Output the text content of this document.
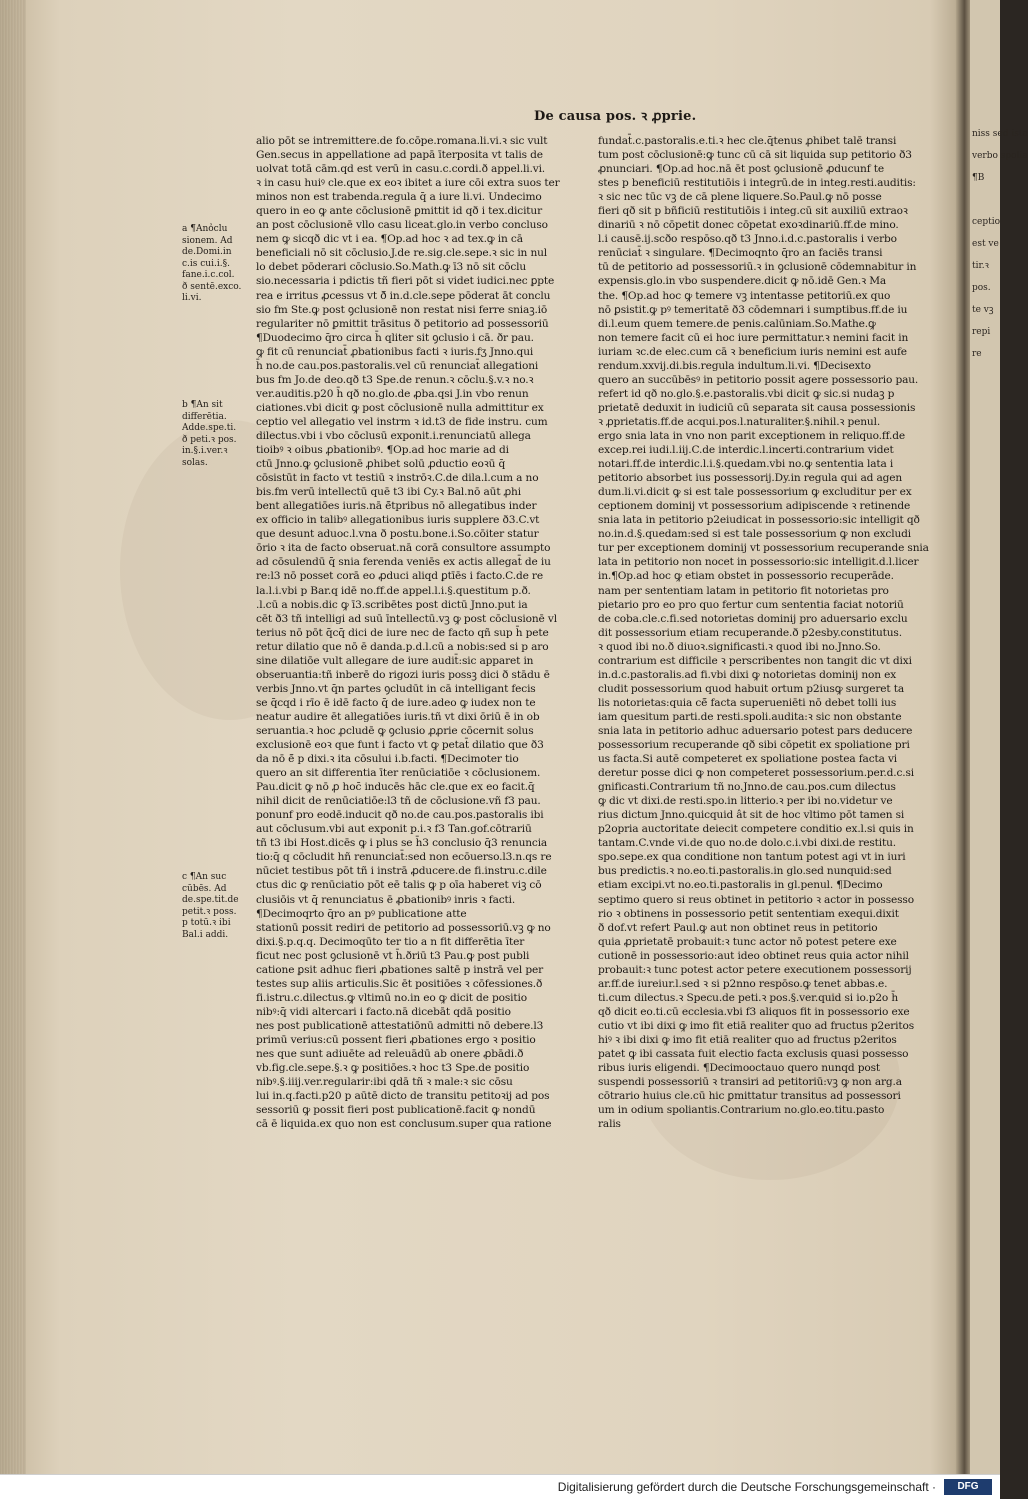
De causa pos. ꝛ ꝓprie.
a ¶Ano̾clu
sionem. Ad
de.Domi.in
c.is cui.i.§.
fane.i.c.col.
ð sentē.exco.
li.vi.
b ¶An sit
differētia.
Adde.spe.ti.
ð peti.ꝛ pos.
in.§.i.ver.ꝛ
solas.
c ¶An suc
cūbēs. Ad
de.spe.tit.de
petit.ꝛ poss.
p totū.ꝛ ibi
Bal.i addi.
alio pōt se intremittere.de fo.cōpe.romana.li.vi.ꝛ sic vult
Gen.secus in appellatione ad papā īterposita vt talis de
uolvat totā cām.qd est verū in casu.c.cordi.ð appel.li.vi.
ꝛ in casu huiꝰ cle.que ex eoꝛ ibitet a iure cōi extra suos ter
minos non est trabenda.regula q̄ a iure li.vi. Undecimo
quero in eo ꝙ ante cōclusionē ꝑmittit id qð i tex.dicitur
an post cōclusionē vllo casu liceat.glo.in verbo concluso
nem ꝙ sicqð dic vt i ea. ¶Op.ad hoc ꝛ ad tex.ꝙ in cā
beneficiali nō sit cōclusio.J.de re.sig.cle.sepe.ꝛ sic in nul
lo debet pōderari cōclusio.So.Math.ꝙ ī3 nō sit cōclu
sio.necessaria i pdictis tñ fieri pōt si videt iudici.nec ꝑpte
rea e irritus ꝓcessus vt ð̄ in.d.cle.sepe pōderat āt conclu
sio fm Ste.ꝙ post ꝯclusionē non restat nisi ferre sniaꝫ.iō
regulariter nō ꝑmittit trāsitus ð petitorio ad possessoriū
¶Duodecimo q̄ro circa h̄ qliter sit ꝯclusio i cā. ðr pau.
ꝙ fit cū renunciat̄ ꝓbationibus facti ꝛ iuris.fʒ Jnno.qui
h̄ no.de cau.pos.pastoralis.vel cū renunciat̄ allegationi
bus fm Jo.de deo.qð t3 Spe.de renun.ꝛ cōclu.§.v.ꝛ no.ꝛ
ver.auditis.p20 h̄ qð no.glo.de ꝓba.qsi J.in vbo renun
ciationes.vbi dicit ꝙ post cōclusionē nulla admittitur ex
ceptio vel allegatio vel instrm ꝛ id.t3 de fide instru. cum
dilectus.vbi i vbo cōclusū exponit.i.renunciatū allega
tioibꝰ ꝛ oibus ꝓbationibꝰ. ¶Op.ad hoc marie ad di
ctū Jnno.ꝙ ꝯclusionē ꝓhibet solū ꝓductio eoꝛū q̄
cōsistūt in facto vt testiū ꝛ instrōꝛ.C.de dila.l.cum a no
bis.fm verū intellectū quē t3 ibi Cy.ꝛ Bal.nō aūt ꝓhi
bent allegatiōes iuris.nā ē̄tpribus nō allegatibus inder
ex officio in talibꝰ allegationibus iuris supplere ð3.C.vt
que desunt aduoc.l.vna ð postu.bone.i.So.cōiter statur
ōrio ꝛ ita de facto obseruat.nā corā consultore assumpto
ad cōsulendū q̄ snia ferenda veniēs ex actis allegat̄ de iu
re:l3 nō posset corā eo ꝓduci aliqd ꝑtīēs i facto.C.de re
la.l.i.vbi p Bar.q idē no.ff.de appel.l.i.§.questitum p.ð.
.l.cū a nobis.dic ꝙ ī3.scribētes post dictū Jnno.put ia
cēt ð3 tñ intelligi ad suū īntellectū.vꝫ ꝙ post cōclusionē vl
terius nō pōt q̄cq̄ dici de iure nec de facto qñ sup h̄ pete
retur dilatio que nō ē danda.p.d.l.cū a nobis:sed si p aro
sine dilatiōe vult allegare de iure audit̄:sic apparet in
obseruantia:tñ inberē do rigozi iuris possꝫ dici ð stādu ē
verbis Jnno.vt q̄n partes ꝯcludūt in cā intelligant fecis
se q̄cqd i rīo ē idē facto q̄ de iure.adeo ꝙ iudex non te
neatur audire ēt allegatiōes iuris.tñ vt dixi ōriū ē in ob
seruantia.ꝛ hoc ꝓcludē ꝙ ꝯclusio ꝓꝓrie cōcernit solus
exclusionē eoꝛ que funt i facto vt ꝙ petat̄ dilatio que ð3
da nō ē̄ p dixi.ꝛ ita cōsului i.b.facti. ¶Decimoter tio
quero an sit differentia īter renūciatiōe ꝛ cōclusionem.
Pau.dicit ꝙ nō ꝓ hoc̄ inducēs hāc cle.que ex eo facit.q̄
nihil dicit de renūciatiōe:l3 tñ de cōclusione.vñ f3 pau.
ponunf pro eodē.inducit qð no.de cau.pos.pastoralis ibi
aut cōclusum.vbi aut exponit p.i.ꝛ f3 Tan.gof.cōtrariū
tñ t3 ibi Host.dicēs ꝙ i plus se h̄3 conclusio q̄3 renuncia
tio:q̄ q cōcludit hñ renunciat̄:sed non ecōuerso.l3.n.qs re
nūciet testibus pōt tñ i instrā ꝓducere.de fi.instru.c.dile
ctus dic ꝙ renūciatio pōt eē talis ꝙ p oīa haberet viꝫ cō
clusiōis vt q̄ renunciatus ē ꝓbationibꝰ inris ꝛ facti.
¶Decimoqrto q̄ro an pꝰ publicatione atte
stationū possit rediri de petitorio ad possessoriū.vꝫ ꝙ no
dixi.§.p.q.q. Decimoqūto ter tio a n fit differētia īter
ficut nec post ꝯclusionē vt h̄.ðriū t3 Pau.ꝙ post publi
catione ꝑsit adhuc fieri ꝓbationes saltē p instrā vel per
testes sup aliis articulis.Sic ēt positiōes ꝛ cōfessiones.ð
fi.istru.c.dilectus.ꝙ vltimū no.in eo ꝙ dicit de positio
nibꝰ:q̄ vidi altercari i facto.nā dicebāt qdā positio
nes post publicationē attestatiōnū admitti nō debere.l3
primū verius:cū possent fieri ꝓbationes ergo ꝛ positio
nes que sunt adiuēte ad releuādū ab onere ꝓbādi.ð
vb.fig.cle.sepe.§.ꝛ ꝙ positiōes.ꝛ hoc t3 Spe.de positio
nibꝰ.§.iiij.ver.regularir:ibi qdā tñ ꝛ male:ꝛ sic cōsu
lui in.q.facti.p20 p aūtē dicto de transitu petitoꝛij ad pos
sessoriū ꝙ possit fieri post publicationē.facit ꝙ nondū
cā ē liquida.ex quo non est conclusum.super qua ratione
fundat̄.c.pastoralis.e.ti.ꝛ hec cle.q̄tenus ꝓhibet talē transi
tum post cōclusionē:ꝙ tunc cū cā sit liquida sup petitorio ð3
ꝓnunciari. ¶Op.ad hoc.nā ēt post ꝯclusionē ꝓducunf te
stes p beneficiū restitutiōis i integrū.de in integ.resti.auditis:
ꝛ sic nec tūc vꝫ de cā plene liquere.So.Paul.ꝙ nō posse
fieri qð sit p bñficiū restitutiōis i integ.cū sit auxiliū extraoꝛ
dinariū ꝛ nō cōpetit donec cōpetat exoꝛdinariū.ff.de mino.
l.i causē.ij.scðo respōso.qð t3 Jnno.i.d.c.pastoralis i verbo
renūciat̄ ꝛ singulare. ¶Decimoqnto q̄ro an faciēs transi
tū de petitorio ad possessoriū.ꝛ in ꝯclusionē cōdemnabitur in
expensis.glo.in vbo suspendere.dicit ꝙ nō.idē Gen.ꝛ Ma
the. ¶Op.ad hoc ꝙ temere vꝫ intentasse petitoriū.ex quo
nō ꝑsistit.ꝙ pꝰ temeritatē ð3 cōdemnari i sumptibus.ff.de iu
di.l.eum quem temere.de penis.calūniam.So.Mathe.ꝙ
non temere facit cū ei hoc iure permittatur.ꝛ nemini facit in
iuriam ꝛc.de elec.cum cā ꝛ beneficium iuris nemini est aufe
rendum.xxvij.di.bis.regula indultum.li.vi. ¶Decisexto
quero an succūbēsꝰ in petitorio possit agere possessorio pau.
refert id qð no.glo.§.e.pastoralis.vbi dicit ꝙ sic.si nudaꝫ p
prietatē deduxit in iudiciū cū separata sit causa possessionis
ꝛ ꝓprietatis.ff.de acqui.pos.l.naturaliter.§.nihil.ꝛ penul.
ergo snia lata in vno non parit exceptionem in reliquo.ff.de
excep.rei iudi.l.iij.C.de interdic.l.incerti.contrarium videt
notari.ff.de interdic.l.i.§.quedam.vbi no.ꝙ sententia lata i
petitorio absorbet ius possessorij.Dy.in regula qui ad agen
dum.li.vi.dicit ꝙ si est tale possessorium ꝙ excluditur per ex
ceptionem dominij vt possessorium adipiscende ꝛ retinende
snia lata in petitorio p2eiudicat in possessorio:sic intelligit qð
no.in.d.§.quedam:sed si est tale possessorium ꝙ non excludi
tur per exceptionem dominij vt possessorium recuperande snia
lata in petitorio non nocet in possessorio:sic intelligit.d.l.licer
in.¶Op.ad hoc ꝙ etiam obstet in possessorio recuperāde.
nam per sententiam latam in petitorio fit notorietas pro
pietario pro eo pro quo fertur cum sententia faciat notoriū
de coba.cle.c.fi.sed notorietas dominij pro aduersario exclu
dit possessorium etiam recuperande.ð p2esby.constitutus.
ꝛ quod ibi no.ð diuoꝛ.significasti.ꝛ quod ibi no.Jnno.So.
contrarium est difficile ꝛ perscribentes non tangit dic vt dixi
in.d.c.pastoralis.ad fi.vbi dixi ꝙ notorietas dominij non ex
cludit possessorium quod habuit ortum p2iusꝙ surgeret ta
lis notorietas:quia cē̄ facta superueniēti nō debet tolli ius
iam quesitum parti.de resti.spoli.audita:ꝛ sic non obstante
snia lata in petitorio adhuc aduersario potest pars deducere
possessorium recuperande qð sibi cōpetit ex spoliatione pri
us facta.Si autē competeret ex spoliatione postea facta vi
deretur posse dici ꝙ non competeret possessorium.per.d.c.si
gnificasti.Contrarium tñ no.Jnno.de cau.pos.cum dilectus
ꝙ dic vt dixi.de resti.spo.in litterio.ꝛ per ibi no.videtur ve
rius dictum Jnno.quicquid ât sit de hoc vltimo pōt tamen si
p2opria auctoritate deiecit competere conditio ex.l.si quis in
tantam.C.vnde vi.de quo no.de dolo.c.i.vbi dixi.de restitu.
spo.sepe.ex qua conditione non tantum potest agi vt in iuri
bus predictis.ꝛ no.eo.ti.pastoralis.in glo.sed nunquid:sed
etiam excipi.vt no.eo.ti.pastoralis in gl.penul. ¶Decimo
septimo quero si reus obtinet in petitorio ꝛ actor in possesso
rio ꝛ obtinens in possessorio petit sententiam exequi.dixit
ð dof.vt refert Paul.ꝙ aut non obtinet reus in petitorio
quia ꝓprietatē probauit:ꝛ tunc actor nō potest petere exe
cutionē in possessorio:aut ideo obtinet reus quia actor nihil
probauit:ꝛ tunc potest actor petere executionem possessorij
ar.ff.de iureiur.l.sed ꝛ si p2nno respōso.ꝙ tenet abbas.e.
ti.cum dilectus.ꝛ Specu.de peti.ꝛ pos.§.ver.quid si io.p2o h̄
qð dicit eo.ti.cū ecclesia.vbi f3 aliquos fit in possessorio exe
cutio vt ibi dixi ꝙ imo fit etiā realiter quo ad fructus p2eritos
hiꝰ ꝛ ibi dixi ꝙ imo fit etiā realiter quo ad fructus p2eritos
patet ꝙ ibi cassata fuit electio facta exclusis quasi possesso
ribus iuris eligendi. ¶Decimooctauo quero nunqd post
suspendi possessoriū ꝛ transiri ad petitoriū:vꝫ ꝙ non arg.a
cōtrario huius cle.cū hic ꝑmittatur transitus ad possessori
um in odium spoliantis.Contrarium no.glo.eo.titu.pasto
ralis
niss sed ista
verbo spolia
¶B
ceptio
est ve
tir.ꝛ
pos.
te vꝫ
repi
re
Digitalisierung gefördert durch die Deutsche Forschungsgemeinschaft ·	DFG
